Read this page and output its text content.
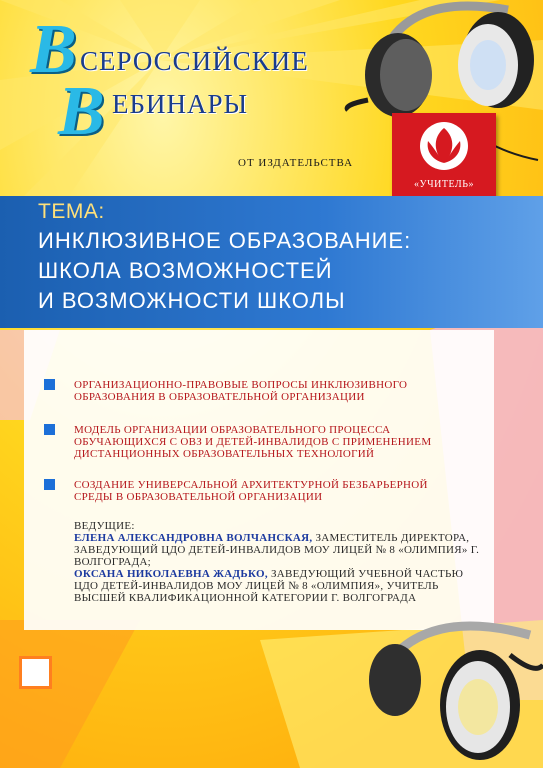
В СЕРОССИЙСКИЕ
В ЕБИНАРЫ
ОТ ИЗДАТЕЛЬСТВА
«УЧИТЕЛЬ»
ТЕМА:
ИНКЛЮЗИВНОЕ ОБРАЗОВАНИЕ:
ШКОЛА ВОЗМОЖНОСТЕЙ
И ВОЗМОЖНОСТИ ШКОЛЫ
ОРГАНИЗАЦИОННО-ПРАВОВЫЕ ВОПРОСЫ ИНКЛЮЗИВНОГО
ОБРАЗОВАНИЯ В ОБРАЗОВАТЕЛЬНОЙ ОРГАНИЗАЦИИ
МОДЕЛЬ ОРГАНИЗАЦИИ ОБРАЗОВАТЕЛЬНОГО ПРОЦЕССА
ОБУЧАЮЩИХСЯ С ОВЗ И ДЕТЕЙ-ИНВАЛИДОВ С ПРИМЕНЕНИЕМ
ДИСТАНЦИОННЫХ ОБРАЗОВАТЕЛЬНЫХ ТЕХНОЛОГИЙ
СОЗДАНИЕ УНИВЕРСАЛЬНОЙ АРХИТЕКТУРНОЙ БЕЗБАРЬЕРНОЙ
СРЕДЫ В ОБРАЗОВАТЕЛЬНОЙ ОРГАНИЗАЦИИ
ВЕДУЩИЕ:
ЕЛЕНА АЛЕКСАНДРОВНА ВОЛЧАНСКАЯ, ЗАМЕСТИТЕЛЬ ДИРЕКТОРА, ЗАВЕДУЮЩИЙ ЦДО ДЕТЕЙ-ИНВАЛИДОВ МОУ ЛИЦЕЙ № 8 «ОЛИМПИЯ» Г. ВОЛГОГРАДА;
ОКСАНА НИКОЛАЕВНА ЖАДЬКО, ЗАВЕДУЮЩИЙ УЧЕБНОЙ ЧАСТЬЮ ЦДО ДЕТЕЙ-ИНВАЛИДОВ МОУ ЛИЦЕЙ № 8 «ОЛИМПИЯ», УЧИТЕЛЬ ВЫСШЕЙ КВАЛИФИКАЦИОННОЙ КАТЕГОРИИ Г. ВОЛГОГРАДА
